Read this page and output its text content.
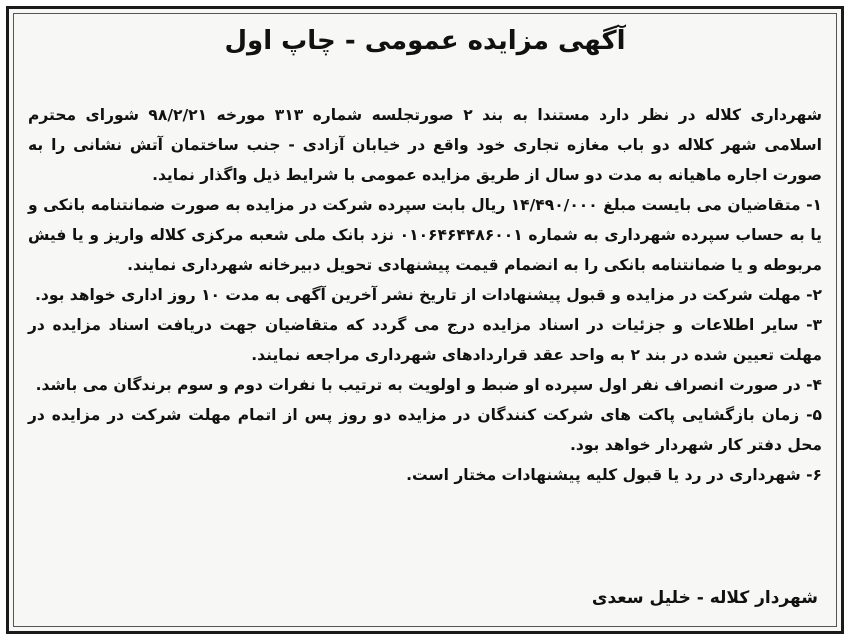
آگهی مزایده عمومی - چاپ اول

شهرداری کلاله در نظر دارد مستندا به بند ۲ صورتجلسه شماره ۳۱۳ مورخه ۹۸/۲/۲۱ شورای محترم اسلامی شهر کلاله دو باب مغازه تجاری خود واقع در خیابان آزادی - جنب ساختمان آتش نشانی را به صورت اجاره ماهیانه به مدت دو سال از طریق مزایده عمومی با شرایط ذیل واگذار نماید.

۱- متقاضیان می بایست مبلغ ۱۴/۴۹۰/۰۰۰ ریال بابت سپرده شرکت در مزایده به صورت ضمانتنامه بانکی و یا به حساب سپرده شهرداری به شماره ۰۱۰۶۴۶۴۴۸۶۰۰۱ نزد بانک ملی شعبه مرکزی کلاله واریز و یا فیش مربوطه و یا ضمانتنامه بانکی را به انضمام قیمت پیشنهادی تحویل دبیرخانه شهرداری نمایند.

۲- مهلت شرکت در مزایده و قبول پیشنهادات از تاریخ نشر آخرین آگهی به مدت ۱۰ روز اداری خواهد بود.

۳- سایر اطلاعات و جزئیات در اسناد مزایده درج می گردد که متقاضیان جهت دریافت اسناد مزایده در مهلت تعیین شده در بند ۲ به واحد عقد قراردادهای شهرداری مراجعه نمایند.

۴- در صورت انصراف نفر اول سپرده او ضبط و اولویت به ترتیب با نفرات دوم و سوم برندگان می باشد.

۵- زمان بازگشایی پاکت های شرکت کنندگان در مزایده دو روز پس از اتمام مهلت شرکت در مزایده در محل دفتر کار شهردار خواهد بود.

۶- شهرداری در رد یا قبول کلیه پیشنهادات مختار است.

شهردار کلاله - خلیل سعدی
